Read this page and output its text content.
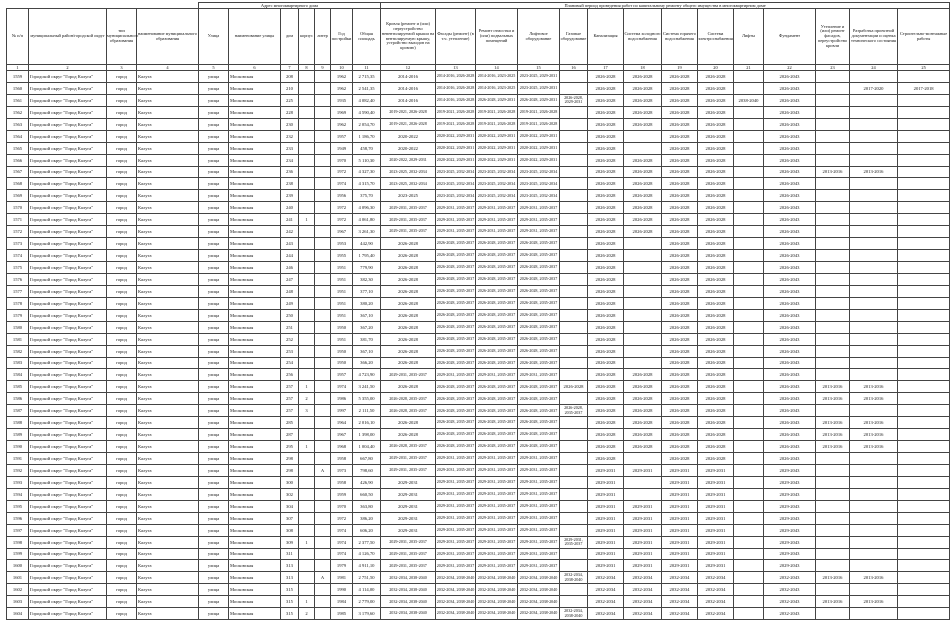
				Адрес многоквартирного дома							Плановый период проведения работ по капитальному ремонту общего имущества в многоквартирном доме													
№ п/п	муниципальный район/городской округ	тип муниципального образования	наименование муниципального образования	Улица	наименование улицы	дом	корпус	литер	Год постройки	Общая площадь	Кровля (ремонт и (или) переустройство невентилируемой крыши на вентилируемую крышу, устройство выходов на кровлю)	Фасады (ремонт) (в т.ч. утепление)	Ремонт отмостки и (или) подвальных помещений	Лифтовое оборудование	Газовые оборудование	Канализация	Система холодного водоснабжения	Система горячего водоснабжения	Система электроснабжения	Лифты	Фундамент	Утепление и (или) ремонт фасадов, переустройство кровли	Разработка проектной документации и оценка технического состояния	Строительно-монтажные работы
1	2	3	4	5	6	7	8	9	10	11	12	13	14	15	16	17	18	19	20	21	22	23	24	25
1559	Городской округ "Город Калуга"	город	Калуга	улица	Московская	208			1962	2 715,35	2014-2016	2014-2016, 2026-2028	2014-2016, 2023-2025	2023-2025, 2029-2031		2026-2028	2026-2028	2026-2028	2026-2028		2026-2043			
1560	Городской округ "Город Калуга"	город	Калуга	улица	Московская	210			1962	2 541,35	2014-2016	2014-2016, 2026-2028	2014-2016, 2023-2025	2023-2025, 2029-2031		2026-2028	2026-2028	2026-2028	2026-2028		2026-2043		2017-2020	2017-2018
1561	Городской округ "Город Калуга"	город	Калуга	улица	Московская	225			1935	4 082,40	2014-2016	2014-2016, 2026-2028	2026-2028, 2029-2031	2026-2028, 2029-2031	2026-2028, 2029-2031	2026-2028	2026-2028	2026-2028	2026-2028	2038-2040	2026-2043			
1562	Городской округ "Город Калуга"	город	Калуга	улица	Московская	228			1969	4 590,40	2019-2021, 2026-2028	2019-2021, 2026-2028	2019-2021, 2026-2028	2019-2021, 2026-2028		2026-2028	2026-2028	2026-2028	2026-2028		2026-2043			
1563	Городской округ "Город Калуга"	город	Калуга	улица	Московская	230			1962	2 054,70	2019-2021, 2026-2028	2019-2021, 2026-2028	2019-2021, 2026-2028	2019-2021, 2026-2028		2026-2028	2026-2028	2026-2028	2026-2028		2026-2043			
1564	Городской округ "Город Калуга"	город	Калуга	улица	Московская	232			1957	1 186,70	2020-2022	2020-2022, 2029-2031	2020-2022, 2029-2031	2020-2022, 2029-2031		2026-2028		2026-2028	2026-2028		2026-2043			
1565	Городской округ "Город Калуга"	город	Калуга	улица	Московская	233			1949	458,70	2020-2022	2020-2022, 2029-2031	2020-2022, 2029-2031	2020-2022, 2029-2031		2026-2028		2026-2028	2026-2028		2026-2043			
1566	Городской округ "Город Калуга"	город	Калуга	улица	Московская	234			1970	5 110,30	2020-2022, 2029-2031	2020-2022, 2029-2031	2020-2022, 2029-2031	2020-2022, 2029-2031		2026-2028	2026-2028	2026-2028	2026-2028		2026-2043			
1567	Городской округ "Город Калуга"	город	Калуга	улица	Московская	236			1972	4 327,30	2023-2025, 2032-2034	2023-2025, 2032-2034	2023-2025, 2032-2034	2023-2025, 2032-2034		2026-2028	2026-2028	2026-2028	2026-2028		2026-2043	2013-2016	2013-2016	
1568	Городской округ "Город Калуга"	город	Калуга	улица	Московская	238			1974	4 315,70	2023-2025, 2032-2034	2023-2025, 2032-2034	2023-2025, 2032-2034	2023-2025, 2032-2034		2026-2028	2026-2028	2026-2028	2026-2028		2026-2043			
1569	Городской округ "Город Калуга"	город	Калуга	улица	Московская	239			1956	375,70	2023-2025	2023-2025, 2032-2034	2023-2025, 2032-2034	2023-2025, 2032-2034		2026-2028	2026-2028	2026-2028	2026-2028		2026-2043			
1570	Городской округ "Город Калуга"	город	Калуга	улица	Московская	240			1972	4 096,30	2029-2031, 2035-2037	2029-2031, 2035-2037	2029-2031, 2035-2037	2029-2031, 2035-2037		2026-2028	2026-2028	2026-2028	2026-2028		2026-2043			
1571	Городской округ "Город Калуга"	город	Калуга	улица	Московская	241	1		1972	4 061,80	2029-2031, 2035-2037	2029-2031, 2035-2037	2029-2031, 2035-2037	2029-2031, 2035-2037		2026-2028	2026-2028	2026-2028	2026-2028		2026-2043			
1572	Городской округ "Город Калуга"	город	Калуга	улица	Московская	242			1967	3 261,30	2029-2031, 2035-2037	2029-2031, 2035-2037	2029-2031, 2035-2037	2029-2031, 2035-2037		2026-2028	2026-2028	2026-2028	2026-2028		2026-2043			
1573	Городской округ "Город Калуга"	город	Калуга	улица	Московская	243			1953	442,90	2026-2028	2026-2028, 2035-2037	2026-2028, 2035-2037	2026-2028, 2035-2037		2026-2028		2026-2028	2026-2028		2026-2043			
1574	Городской округ "Город Калуга"	город	Калуга	улица	Московская	244			1955	1 795,40	2026-2028	2026-2028, 2035-2037	2026-2028, 2035-2037	2026-2028, 2035-2037		2026-2028		2026-2028	2026-2028		2026-2043			
1575	Городской округ "Город Калуга"	город	Калуга	улица	Московская	246			1951	779,90	2026-2028	2026-2028, 2035-2037	2026-2028, 2035-2037	2026-2028, 2035-2037		2026-2028		2026-2028	2026-2028		2026-2043			
1576	Городской округ "Город Калуга"	город	Калуга	улица	Московская	247			1951	382,30	2026-2028	2026-2028, 2035-2037	2026-2028, 2035-2037	2026-2028, 2035-2037		2026-2028		2026-2028	2026-2028		2026-2043			
1577	Городской округ "Город Калуга"	город	Калуга	улица	Московская	248			1951	377,10	2026-2028	2026-2028, 2035-2037	2026-2028, 2035-2037	2026-2028, 2035-2037		2026-2028		2026-2028	2026-2028		2026-2043			
1578	Городской округ "Город Калуга"	город	Калуга	улица	Московская	249			1951	380,20	2026-2028	2026-2028, 2035-2037	2026-2028, 2035-2037	2026-2028, 2035-2037		2026-2028		2026-2028	2026-2028		2026-2043			
1579	Городской округ "Город Калуга"	город	Калуга	улица	Московская	250			1951	367,10	2026-2028	2026-2028, 2035-2037	2026-2028, 2035-2037	2026-2028, 2035-2037		2026-2028		2026-2028	2026-2028		2026-2043			
1580	Городской округ "Город Калуга"	город	Калуга	улица	Московская	251			1950	367,20	2026-2028	2026-2028, 2035-2037	2026-2028, 2035-2037	2026-2028, 2035-2037		2026-2028		2026-2028	2026-2028		2026-2043			
1581	Городской округ "Город Калуга"	город	Калуга	улица	Московская	252			1951	381,70	2026-2028	2026-2028, 2035-2037	2026-2028, 2035-2037	2026-2028, 2035-2037		2026-2028		2026-2028	2026-2028		2026-2043			
1582	Городской округ "Город Калуга"	город	Калуга	улица	Московская	253			1950	367,10	2026-2028	2026-2028, 2035-2037	2026-2028, 2035-2037	2026-2028, 2035-2037		2026-2028		2026-2028	2026-2028		2026-2043			
1583	Городской округ "Город Калуга"	город	Калуга	улица	Московская	254			1950	366,20	2026-2028	2026-2028, 2035-2037	2026-2028, 2035-2037	2026-2028, 2035-2037		2026-2028		2026-2028	2026-2028		2026-2043			
1584	Городской округ "Город Калуга"	город	Калуга	улица	Московская	256			1957	4 723,90	2029-2031, 2035-2037	2029-2031, 2035-2037	2029-2031, 2035-2037	2029-2031, 2035-2037		2026-2028	2026-2028	2026-2028	2026-2028		2026-2043			
1585	Городской округ "Город Калуга"	город	Калуга	улица	Московская	257	1		1974	3 241,50	2026-2028	2026-2028, 2035-2037	2026-2028, 2035-2037	2026-2028, 2035-2037	2026-2028	2026-2028	2026-2028	2026-2028	2026-2028		2026-2043	2013-2016	2013-2016	
1586	Городской округ "Город Калуга"	город	Калуга	улица	Московская	257	2		1986	5 355,00	2026-2028, 2035-2037	2026-2028, 2035-2037	2026-2028, 2035-2037	2026-2028, 2035-2037		2026-2028	2026-2028	2026-2028	2026-2028		2026-2043	2013-2016	2013-2016	
1587	Городской округ "Город Калуга"	город	Калуга	улица	Московская	257	3		1997	2 111,50	2026-2028, 2035-2037	2026-2028, 2035-2037	2026-2028, 2035-2037	2026-2028, 2035-2037	2026-2028, 2035-2037	2026-2028	2026-2028	2026-2028	2026-2028		2026-2043			
1588	Городской округ "Город Калуга"	город	Калуга	улица	Московская	285			1964	2 016,10	2026-2028	2026-2028, 2035-2037	2026-2028, 2035-2037	2026-2028, 2035-2037		2026-2028	2026-2028	2026-2028	2026-2028		2026-2043	2013-2016	2013-2016	
1589	Городской округ "Город Калуга"	город	Калуга	улица	Московская	287			1967	1 398,00	2026-2028	2026-2028, 2035-2037	2026-2028, 2035-2037	2026-2028, 2035-2037		2026-2028	2026-2028	2026-2028	2026-2028		2026-2043	2013-2016	2013-2016	
1590	Городской округ "Город Калуга"	город	Калуга	улица	Московская	295	1		1968	1 004,40	2026-2028, 2035-2037	2026-2028, 2035-2037	2026-2028, 2035-2037	2026-2028, 2035-2037		2026-2028	2026-2028	2026-2028	2026-2028		2026-2043	2013-2016	2013-2016	
1591	Городской округ "Город Калуга"	город	Калуга	улица	Московская	298			1958	667,80	2029-2031, 2035-2037	2029-2031, 2035-2037	2029-2031, 2035-2037	2029-2031, 2035-2037		2026-2028		2026-2028	2026-2028		2026-2043			
1592	Городской округ "Город Калуга"	город	Калуга	улица	Московская	298		А	1973	798,60	2029-2031, 2035-2037	2029-2031, 2035-2037	2029-2031, 2035-2037	2029-2031, 2035-2037		2029-2031	2029-2031	2029-2031	2029-2031		2029-2043			
1593	Городской округ "Город Калуга"	город	Калуга	улица	Московская	300			1958	426,90	2029-2031	2029-2031, 2035-2037	2029-2031, 2035-2037	2029-2031, 2035-2037		2029-2031		2029-2031	2029-2031		2029-2043			
1594	Городской округ "Город Калуга"	город	Калуга	улица	Московская	302			1959	660,50	2029-2031	2029-2031, 2035-2037	2029-2031, 2035-2037	2029-2031, 2035-2037		2029-2031		2029-2031	2029-2031		2029-2043			
1595	Городской округ "Город Калуга"	город	Калуга	улица	Московская	304			1970	363,80	2029-2031	2029-2031, 2035-2037	2029-2031, 2035-2037	2029-2031, 2035-2037		2029-2031	2029-2031	2029-2031	2029-2031		2029-2043			
1596	Городской округ "Город Калуга"	город	Калуга	улица	Московская	307			1972	386,20	2029-2031	2029-2031, 2035-2037	2029-2031, 2035-2037	2029-2031, 2035-2037		2029-2031	2029-2031	2029-2031	2029-2031		2029-2043			
1597	Городской округ "Город Калуга"	город	Калуга	улица	Московская	308			1974	606,20	2029-2031	2029-2031, 2035-2037	2029-2031, 2035-2037	2029-2031, 2035-2037		2029-2031	2029-2031	2029-2031	2029-2031		2029-2043			
1598	Городской округ "Город Калуга"	город	Калуга	улица	Московская	309	1		1974	2 377,50	2029-2031, 2035-2037	2029-2031, 2035-2037	2029-2031, 2035-2037	2029-2031, 2035-2037	2029-2031, 2035-2037	2029-2031	2029-2031	2029-2031	2029-2031		2029-2043			
1599	Городской округ "Город Калуга"	город	Калуга	улица	Московская	311			1974	4 126,70	2029-2031, 2035-2037	2029-2031, 2035-2037	2029-2031, 2035-2037	2029-2031, 2035-2037		2029-2031	2029-2031	2029-2031	2029-2031		2029-2043			
1600	Городской округ "Город Калуга"	город	Калуга	улица	Московская	313			1979	4 911,10	2029-2031, 2035-2037	2029-2031, 2035-2037	2029-2031, 2035-2037	2029-2031, 2035-2037		2029-2031	2029-2031	2029-2031	2029-2031		2029-2043			
1601	Городской округ "Город Калуга"	город	Калуга	улица	Московская	313		А	1981	2 751,50	2032-2034, 2038-2040	2032-2034, 2038-2040	2032-2034, 2038-2040	2032-2034, 2038-2040	2032-2034, 2038-2040	2032-2034	2032-2034	2032-2034	2032-2034		2032-2043	2013-2016	2013-2016	
1602	Городской округ "Город Калуга"	город	Калуга	улица	Московская	315			1990	4 114,00	2032-2034, 2038-2040	2032-2034, 2038-2040	2032-2034, 2038-2040	2032-2034, 2038-2040		2032-2034	2032-2034	2032-2034	2032-2034		2032-2043			
1603	Городской округ "Город Калуга"	город	Калуга	улица	Московская	315	1		1984	2 779,00	2032-2034, 2038-2040	2032-2034, 2038-2040	2032-2034, 2038-2040	2032-2034, 2038-2040		2032-2034	2032-2034	2032-2034	2032-2034		2032-2043	2013-2016	2013-2016	
1604	Городской округ "Город Калуга"	город	Калуга	улица	Московская	315	2		1985	3 179,60	2032-2034, 2038-2040	2032-2034, 2038-2040	2032-2034, 2038-2040	2032-2034, 2038-2040	2032-2034, 2038-2040	2032-2034	2032-2034	2032-2034	2032-2034		2032-2043			
